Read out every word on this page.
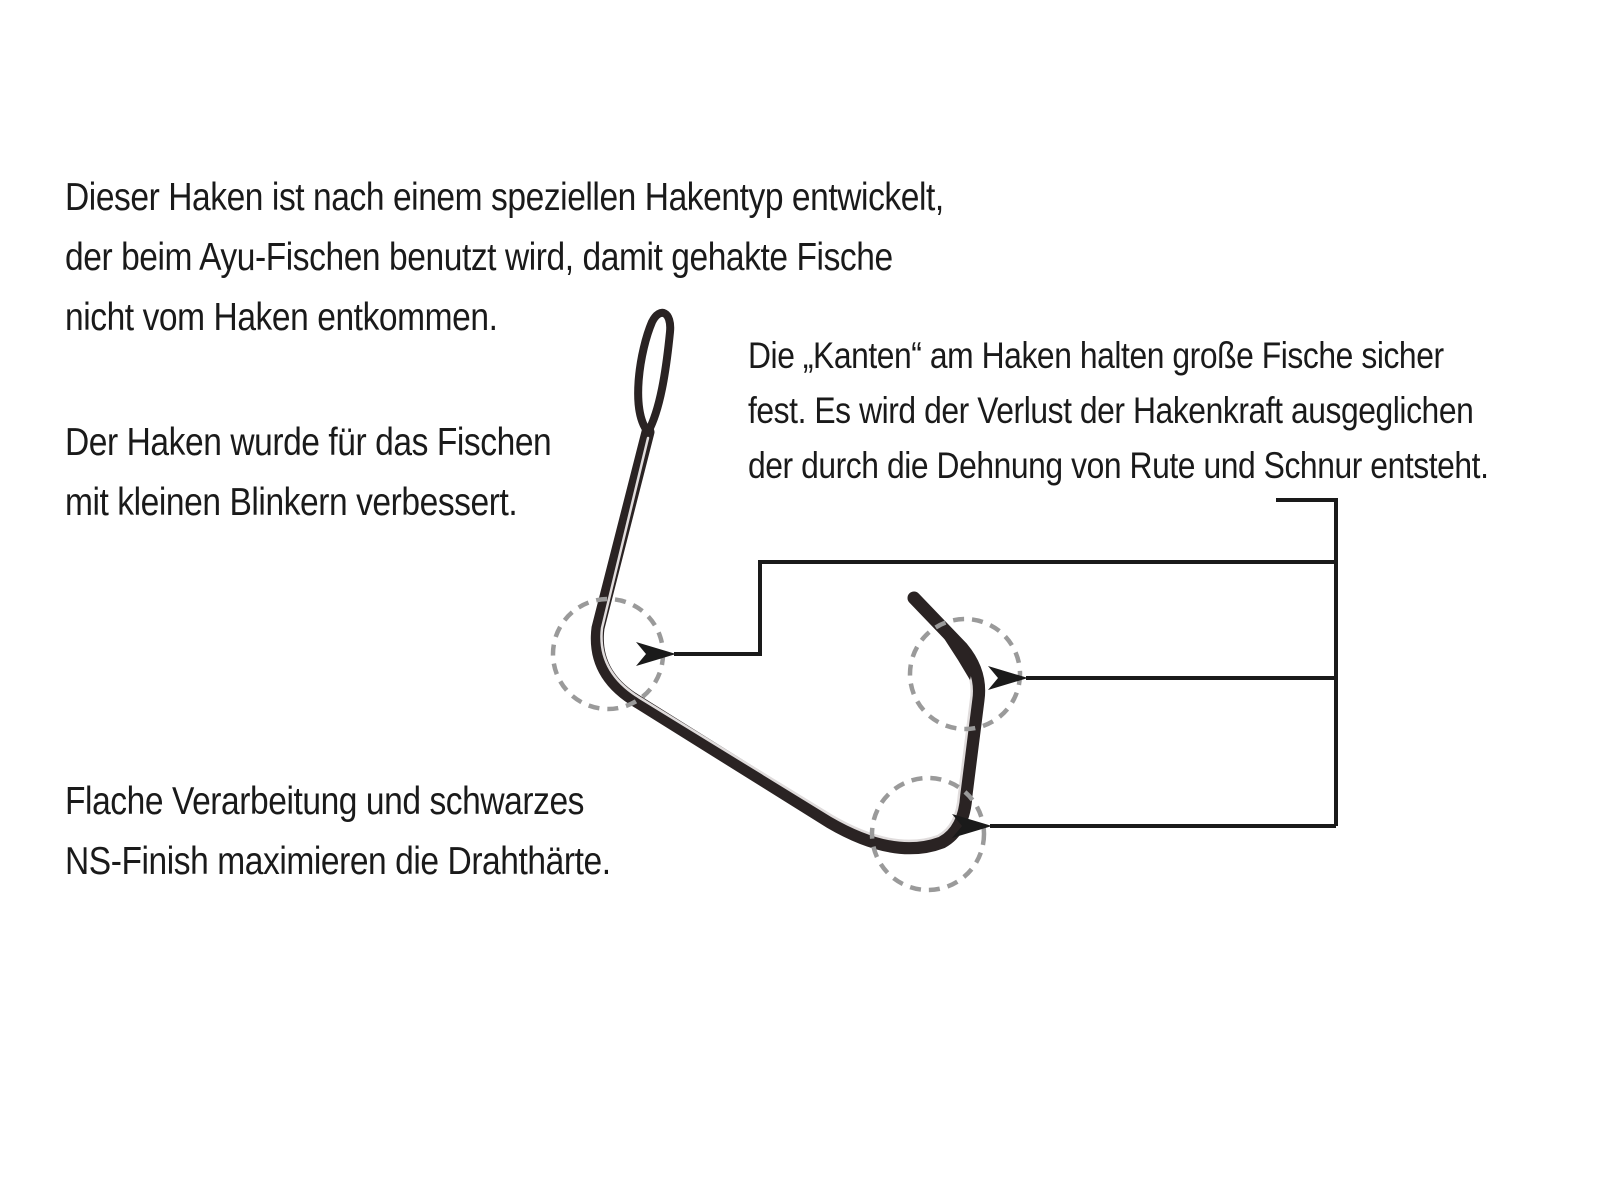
Dieser Haken ist nach einem speziellen Hakentyp entwickelt,
der beim Ayu-Fischen benutzt wird, damit gehakte Fische
nicht vom Haken entkommen.

Der Haken wurde für das Fischen
mit kleinen Blinkern verbessert.

Die „Kanten“ am Haken halten große Fische sicher
fest. Es wird der Verlust der Hakenkraft ausgeglichen
der durch die Dehnung von Rute und Schnur entsteht.

Flache Verarbeitung und schwarzes
NS-Finish maximieren die Drahthärte.
